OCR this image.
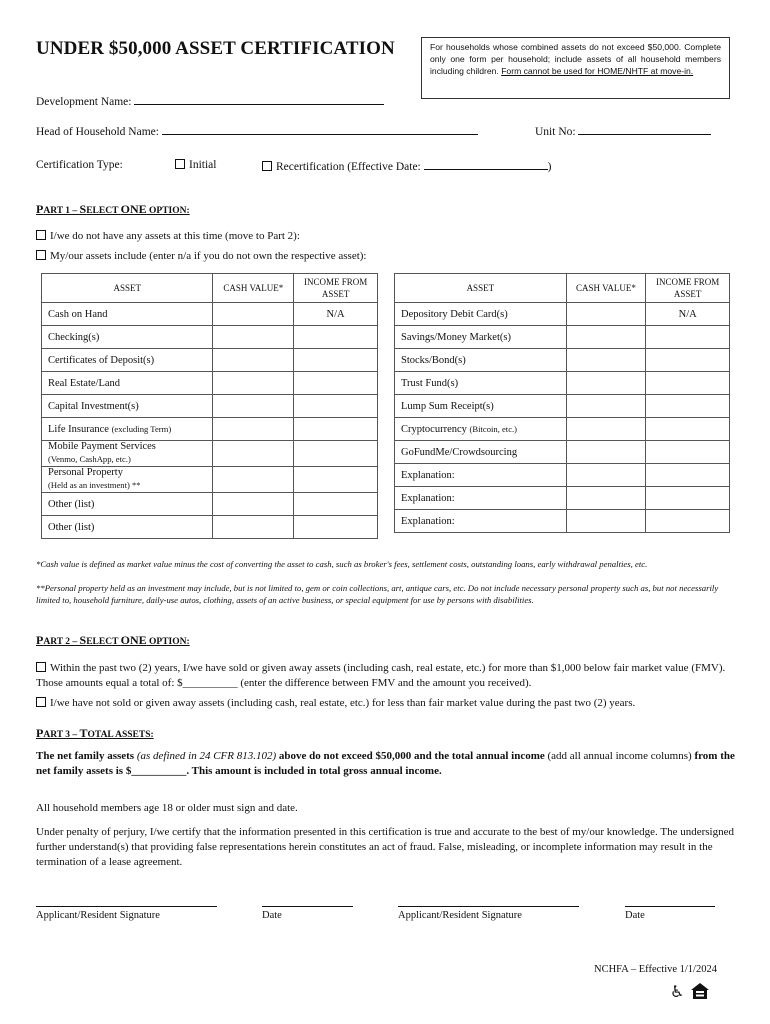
UNDER $50,000 ASSET CERTIFICATION	For households whose combined assets do not exceed $50,000. Complete only one form per household; include assets of all household members including children. Form cannot be used for HOME/NHTF at move-in.
Development Name:
Head of Household Name:	Unit No:
Certification Type:	Initial	Recertification (Effective Date:	)
PART 1 – SELECT ONE OPTION:
I/we do not have any assets at this time (move to Part 2):
My/our assets include (enter n/a if you do not own the respective asset):
ASSET	CASH VALUE*	INCOME FROM ASSET
Cash on Hand		N/A
Checking(s)		
Certificates of Deposit(s)		
Real Estate/Land		
Capital Investment(s)		
Life Insurance (excluding Term)		
Mobile Payment Services
(Venmo, CashApp, etc.)		
Personal Property
(Held as an investment) **		
Other (list)		
Other (list)		
ASSET	CASH VALUE*	INCOME FROM ASSET
Depository Debit Card(s)		N/A
Savings/Money Market(s)		
Stocks/Bond(s)		
Trust Fund(s)		
Lump Sum Receipt(s)		
Cryptocurrency (Bitcoin, etc.)		
GoFundMe/Crowdsourcing		
Explanation:		
Explanation:		
Explanation:		
*Cash value is defined as market value minus the cost of converting the asset to cash, such as broker's fees, settlement costs, outstanding loans, early withdrawal penalties, etc.
**Personal property held as an investment may include, but is not limited to, gem or coin collections, art, antique cars, etc. Do not include necessary personal property such as, but not necessarily limited to, household furniture, daily-use autos, clothing, assets of an active business, or special equipment for use by persons with disabilities.
PART 2 – SELECT ONE OPTION:
Within the past two (2) years, I/we have sold or given away assets (including cash, real estate, etc.) for more than $1,000 below fair market value (FMV). Those amounts equal a total of: $__________ (enter the difference between FMV and the amount you received).
I/we have not sold or given away assets (including cash, real estate, etc.) for less than fair market value during the past two (2) years.
PART 3 – TOTAL ASSETS:
The net family assets (as defined in 24 CFR 813.102) above do not exceed $50,000 and the total annual income (add all annual income columns) from the net family assets is $__________. This amount is included in total gross annual income.
All household members age 18 or older must sign and date.
Under penalty of perjury, I/we certify that the information presented in this certification is true and accurate to the best of my/our knowledge. The undersigned further understand(s) that providing false representations herein constitutes an act of fraud. False, misleading, or incomplete information may result in the termination of a lease agreement.
Applicant/Resident Signature	Date	Applicant/Resident Signature	Date
NCHFA – Effective 1/1/2024
♿
